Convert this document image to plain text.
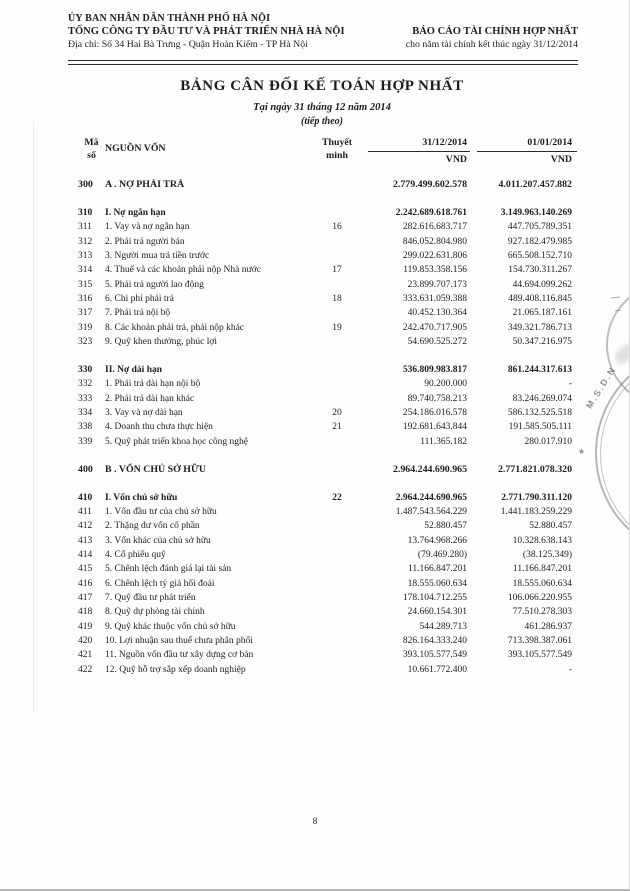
ỦY BAN NHÂN DÂN THÀNH PHỐ HÀ NỘI
TỔNG CÔNG TY ĐẦU TƯ VÀ PHÁT TRIỂN NHÀ HÀ NỘI	BÁO CÁO TÀI CHÍNH HỢP NHẤT
Địa chỉ: Số 34 Hai Bà Trưng - Quận Hoàn Kiếm - TP Hà Nội	cho năm tài chính kết thúc ngày 31/12/2014
BẢNG CÂN ĐỐI KẾ TOÁN HỢP NHẤT
Tại ngày 31 tháng 12 năm 2014
(tiếp theo)
Mã
số
NGUỒN VỐN
Thuyết
minh
31/12/2014	01/01/2014
VND	VND
300	A . NỢ PHẢI TRẢ	2.779.499.602.578	4.011.207.457.882
310	I. Nợ ngắn hạn	2.242.689.618.761	3.149.963.140.269
311	1. Vay và nợ ngắn hạn	16	282.616.683.717	447.705.789.351
312	2. Phải trả người bán	846.052.804.980	927.182.479.985
313	3. Người mua trả tiền trước	299.022.631.806	665.508.152.710
314	4. Thuế và các khoản phải nộp Nhà nước	17	119.853.358.156	154.730.311.267
315	5. Phải trả người lao động	23.899.707.173	44.694.099.262
316	6. Chi phí phải trả	18	333.631.059.388	489.408.116.845
317	7. Phải trả nội bộ	40.452.130.364	21.065.187.161
319	8. Các khoản phải trả, phải nộp khác	19	242.470.717.905	349.321.786.713
323	9. Quỹ khen thưởng, phúc lợi	54.690.525.272	50.347.216.975
330	II. Nợ dài hạn	536.809.983.817	861.244.317.613
332	1. Phải trả dài hạn nội bộ	90.200.000	-
333	2. Phải trả dài hạn khác	89.740.758.213	83.246.269.074
334	3. Vay và nợ dài hạn	20	254.186.016.578	586.132.525.518
338	4. Doanh thu chưa thực hiện	21	192.681.643.844	191.585.505.111
339	5. Quỹ phát triển khoa học công nghệ	111.365.182	280.017.910
400	B . VỐN CHỦ SỞ HỮU	2.964.244.690.965	2.771.821.078.320
410	I. Vốn chủ sở hữu	22	2.964.244.690.965	2.771.790.311.120
411	1. Vốn đầu tư của chủ sở hữu	1.487.543.564.229	1.441.183.259.229
412	2. Thặng dư vốn cổ phần	52.880.457	52.880.457
413	3. Vốn khác của chủ sở hữu	13.764.968.266	10.328.638.143
414	4. Cổ phiếu quỹ	(79.469.280)	(38.125.349)
415	5. Chênh lệch đánh giá lại tài sản	11.166.847.201	11.166.847.201
416	6. Chênh lệch tỷ giá hối đoái	18.555.060.634	18.555.060.634
417	7. Quỹ đầu tư phát triển	178.104.712.255	106.066.220.955
418	8. Quỹ dự phòng tài chính	24.660.154.301	77.510.278.303
419	9. Quỹ khác thuộc vốn chủ sở hữu	544.289.713	461.286.937
420	10. Lợi nhuận sau thuế chưa phân phối	826.164.333.240	713.398.387.061
421	11. Nguồn vốn đầu tư xây dựng cơ bản	393.105.577.549	393.105.577.549
422	12. Quỹ hỗ trợ sắp xếp doanh nghiệp	10.661.772.400	-
8
M.S.D.N
★
